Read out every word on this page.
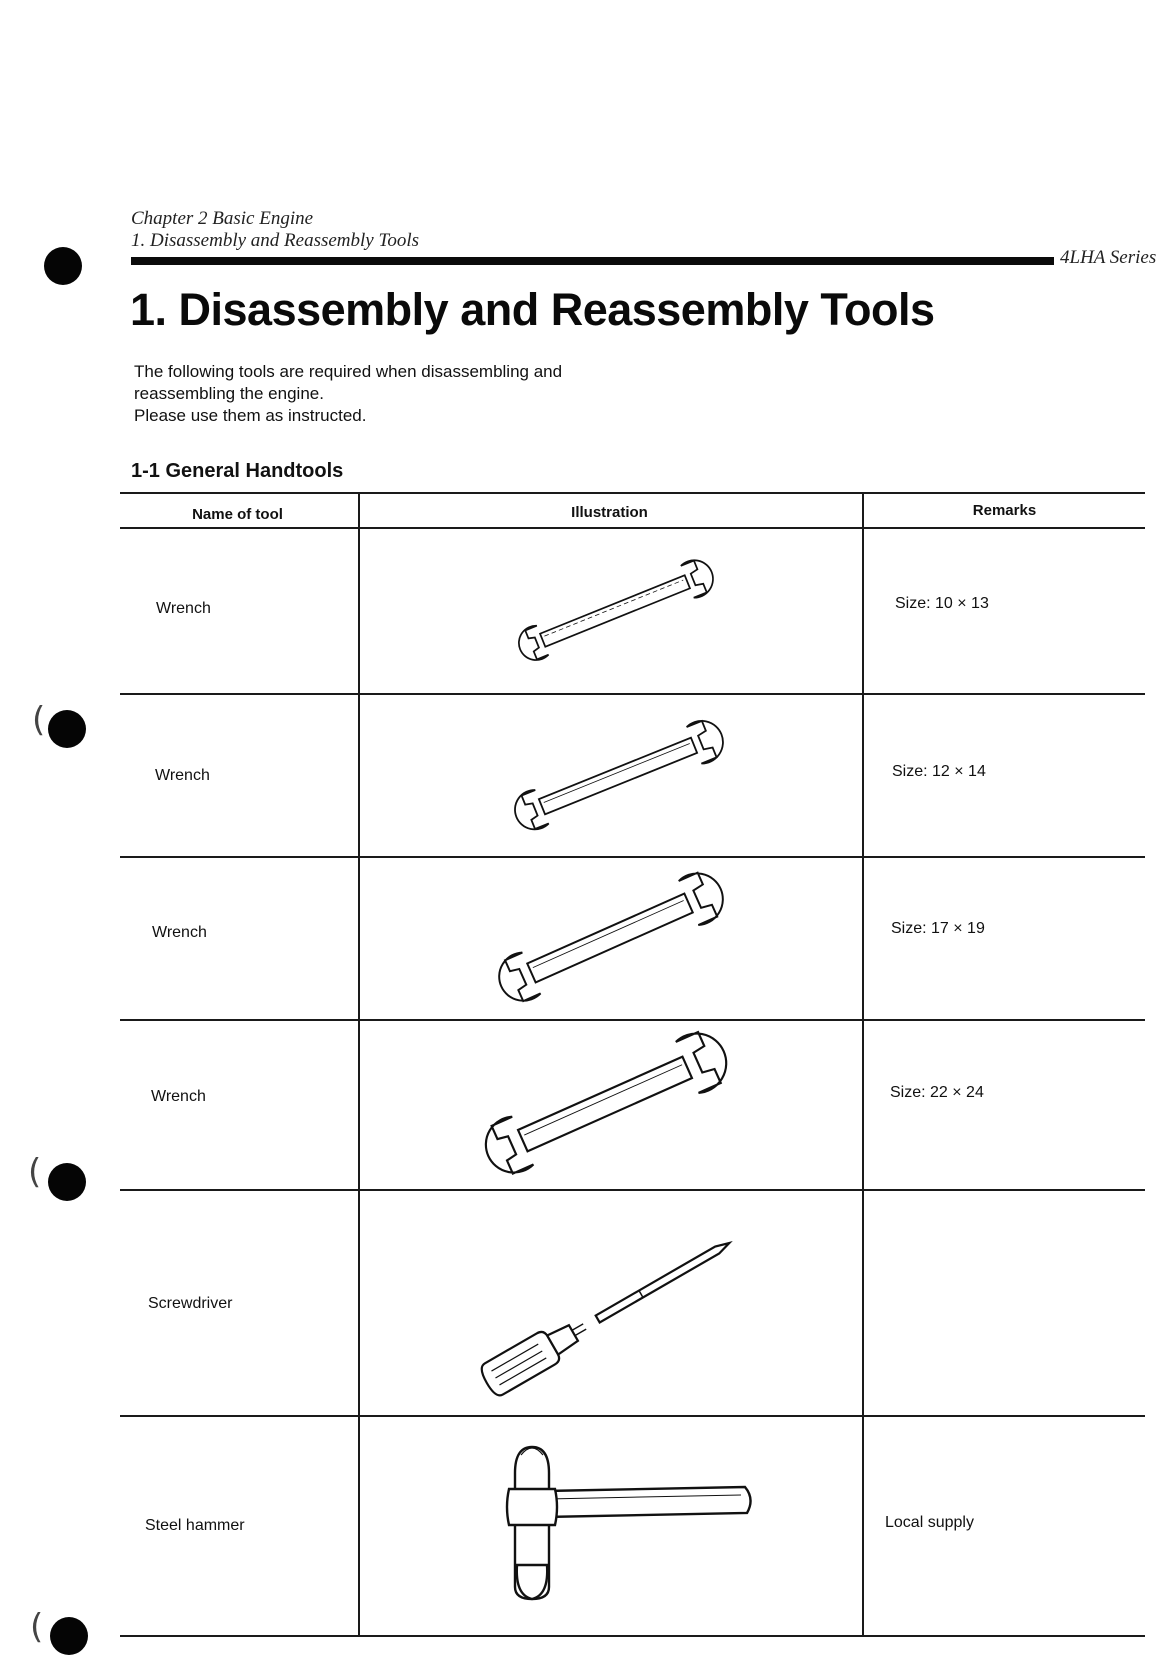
(
(
(

Chapter 2 Basic Engine

1. Disassembly and Reassembly Tools

4LHA Series
1. Disassembly and Reassembly Tools

The following tools are required when disassembling and

reassembling the engine.

Please use them as instructed.

1-1 General Handtools
Name of tool	Illustration	Remarks
Wrench	Size: 10 × 13
Wrench	Size: 12 × 14
Wrench	Size: 17 × 19
Wrench	Size: 22 × 24
Screwdriver
Steel hammer	Local supply
